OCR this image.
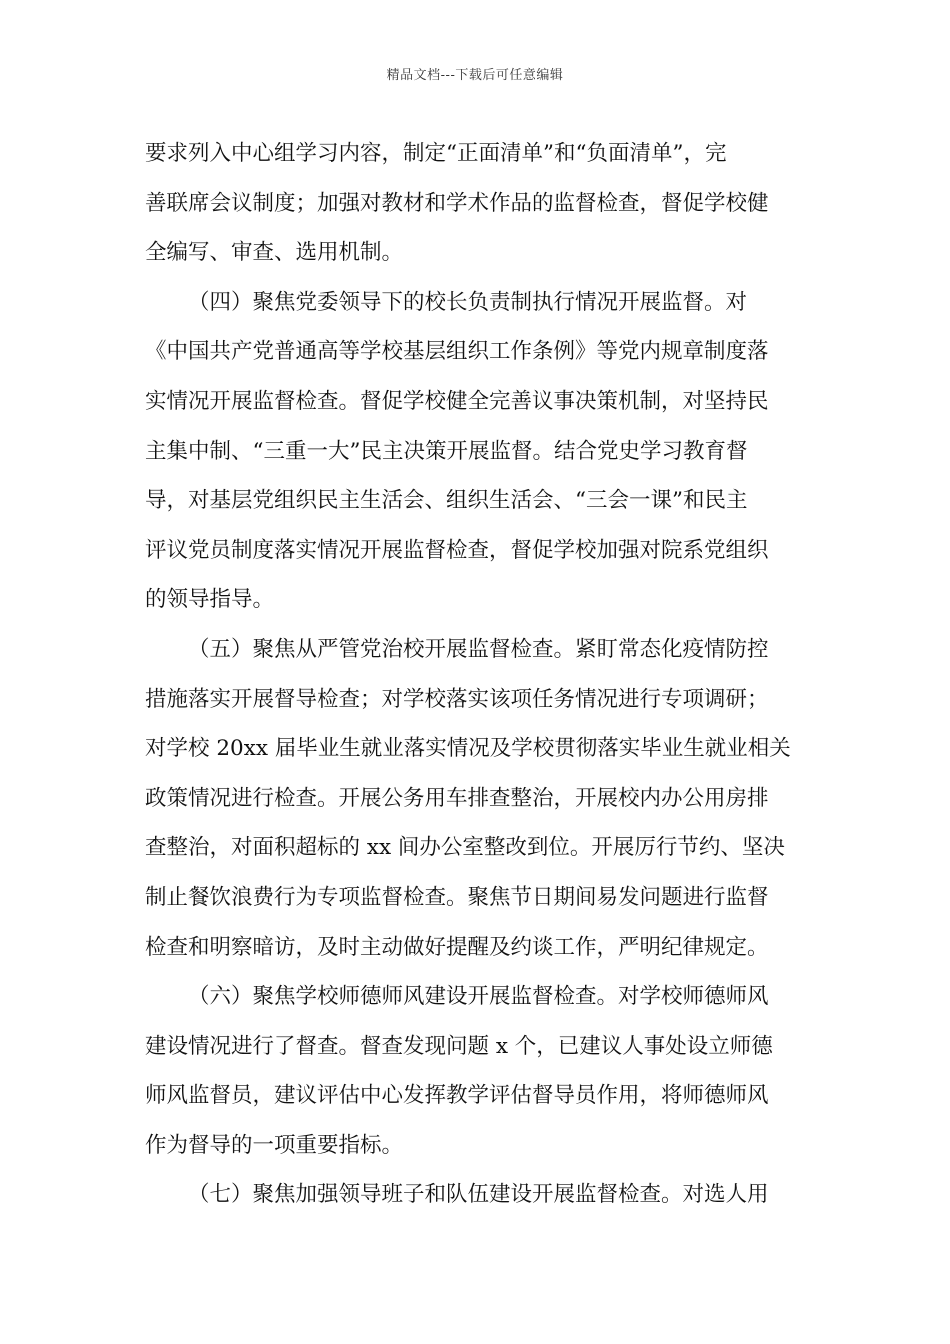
精品文档---下载后可任意编辑

要求列入中心组学习内容，制定“正面清单”和“负面清单”，完
善联席会议制度；加强对教材和学术作品的监督检查，督促学校健
全编写、审查、选用机制。

（四）聚焦党委领导下的校长负责制执行情况开展监督。对
《中国共产党普通高等学校基层组织工作条例》等党内规章制度落
实情况开展监督检查。督促学校健全完善议事决策机制，对坚持民
主集中制、“三重一大”民主决策开展监督。结合党史学习教育督
导，对基层党组织民主生活会、组织生活会、“三会一课”和民主
评议党员制度落实情况开展监督检查，督促学校加强对院系党组织
的领导指导。

（五）聚焦从严管党治校开展监督检查。紧盯常态化疫情防控
措施落实开展督导检查；对学校落实该项任务情况进行专项调研；
对学校 20xx 届毕业生就业落实情况及学校贯彻落实毕业生就业相关
政策情况进行检查。开展公务用车排查整治，开展校内办公用房排
查整治，对面积超标的 xx 间办公室整改到位。开展厉行节约、坚决
制止餐饮浪费行为专项监督检查。聚焦节日期间易发问题进行监督
检查和明察暗访，及时主动做好提醒及约谈工作，严明纪律规定。

（六）聚焦学校师德师风建设开展监督检查。对学校师德师风
建设情况进行了督查。督查发现问题 x 个，已建议人事处设立师德
师风监督员，建议评估中心发挥教学评估督导员作用，将师德师风
作为督导的一项重要指标。

（七）聚焦加强领导班子和队伍建设开展监督检查。对选人用
